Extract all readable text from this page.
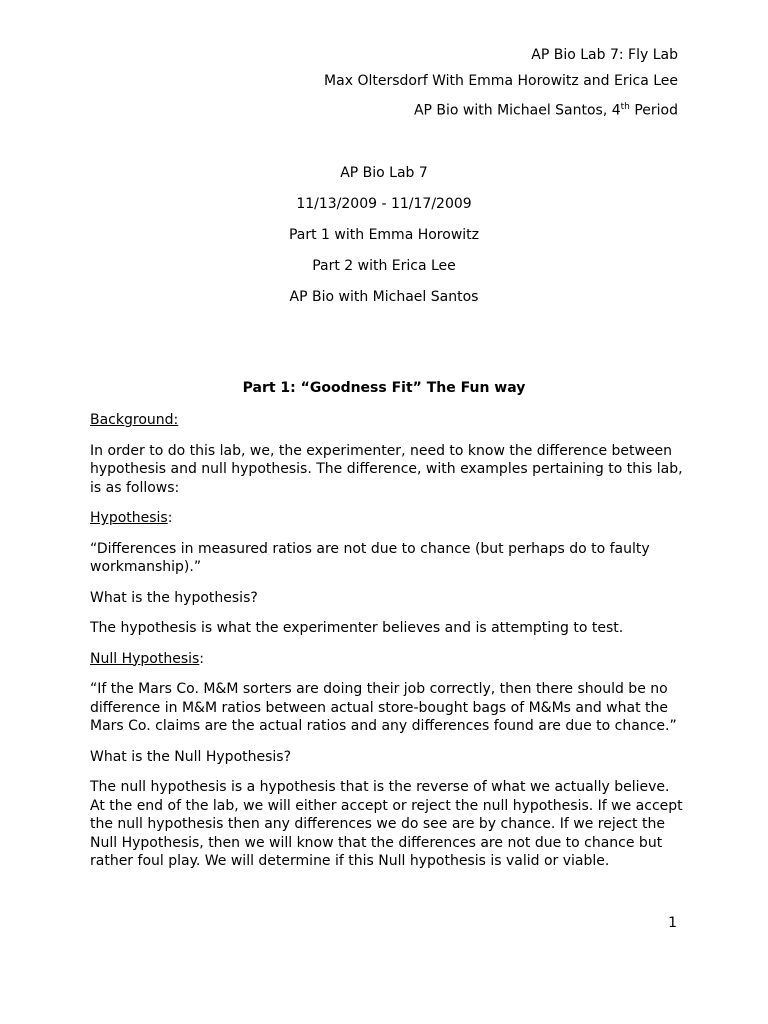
AP Bio Lab 7: Fly Lab
Max Oltersdorf With Emma Horowitz and Erica Lee
AP Bio with Michael Santos, 4th Period
AP Bio Lab 7
11/13/2009 - 11/17/2009
Part 1 with Emma Horowitz
Part 2 with Erica Lee
AP Bio with Michael Santos
Part 1: “Goodness Fit” The Fun way

Background:

In order to do this lab, we, the experimenter, need to know the difference between hypothesis and null hypothesis. The difference, with examples pertaining to this lab, is as follows:

Hypothesis:

“Differences in measured ratios are not due to chance (but perhaps do to faulty workmanship).”

What is the hypothesis?

The hypothesis is what the experimenter believes and is attempting to test.

Null Hypothesis:

“If the Mars Co. M&M sorters are doing their job correctly, then there should be no difference in M&M ratios between actual store-bought bags of M&Ms and what the Mars Co. claims are the actual ratios and any differences found are due to chance.”

What is the Null Hypothesis?

The null hypothesis is a hypothesis that is the reverse of what we actually believe. At the end of the lab, we will either accept or reject the null hypothesis. If we accept the null hypothesis then any differences we do see are by chance. If we reject the Null Hypothesis, then we will know that the differences are not due to chance but rather foul play. We will determine if this Null hypothesis is valid or viable.

1
